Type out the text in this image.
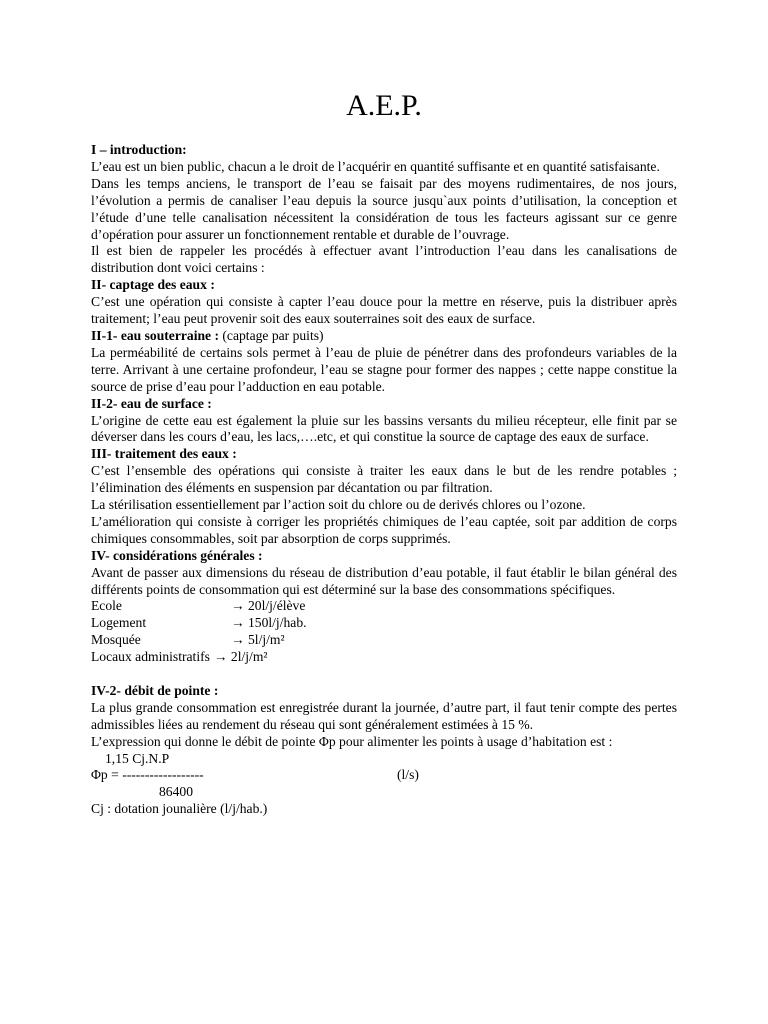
A.E.P.

I – introduction:

L’eau est un bien public, chacun a le droit de l’acquérir en quantité suffisante et en quantité satisfaisante.

Dans les temps anciens, le transport de l’eau se faisait par des moyens rudimentaires, de nos jours, l’évolution a permis de canaliser l’eau depuis la source jusqu`aux points d’utilisation, la conception et l’étude d’une telle canalisation nécessitent la considération de tous les facteurs agissant sur ce genre d’opération pour assurer un fonctionnement rentable et durable de l’ouvrage.

Il est bien de rappeler les procédés à effectuer avant l’introduction l’eau dans les canalisations de distribution dont voici certains :

II- captage des eaux :

C’est une opération qui consiste à capter l’eau douce pour la mettre en réserve, puis la distribuer après traitement; l’eau peut provenir soit des eaux souterraines soit des eaux de surface.

II-1- eau souterraine : (captage par puits)

La perméabilité de certains sols permet à l’eau de pluie de pénétrer dans des profondeurs variables de la terre. Arrivant à une certaine profondeur, l’eau se stagne pour former des nappes ; cette nappe constitue la source de prise d’eau pour l’adduction en eau potable.

II-2- eau de surface :

L’origine de cette eau est également la pluie sur les bassins versants du milieu récepteur, elle finit par se déverser dans les cours d’eau, les lacs,….etc, et qui constitue la source de captage des eaux de surface.

III- traitement des eaux :

C’est l’ensemble des opérations qui consiste à traiter les eaux dans le but de les rendre potables ; l’élimination des éléments en suspension par décantation ou par filtration.

La stérilisation essentiellement par l’action soit du chlore ou de derivés chlores ou l’ozone.

L’amélioration qui consiste à corriger les propriétés chimiques de l’eau captée, soit par addition de corps chimiques consommables, soit par absorption de corps supprimés.

IV- considérations générales :

Avant de passer aux dimensions du réseau de distribution d’eau potable, il faut établir le bilan général des différents points de consommation qui est déterminé sur la base des consommations spécifiques.

Ecole	→ 20l/j/élève
Logement	→ 150l/j/hab.
Mosquée	→ 5l/j/m²
Locaux administratifs → 2l/j/m²

IV-2- débit de pointe :

La plus grande consommation est enregistrée durant la journée, d’autre part, il faut tenir compte des pertes admissibles liées au rendement du réseau qui sont généralement estimées à 15 %.

L’expression qui donne le débit de pointe Φp pour alimenter les points à usage d’habitation est :

1,15 Cj.N.P
Φp = ------------------	(l/s)
86400

Cj : dotation jounalière (l/j/hab.)
